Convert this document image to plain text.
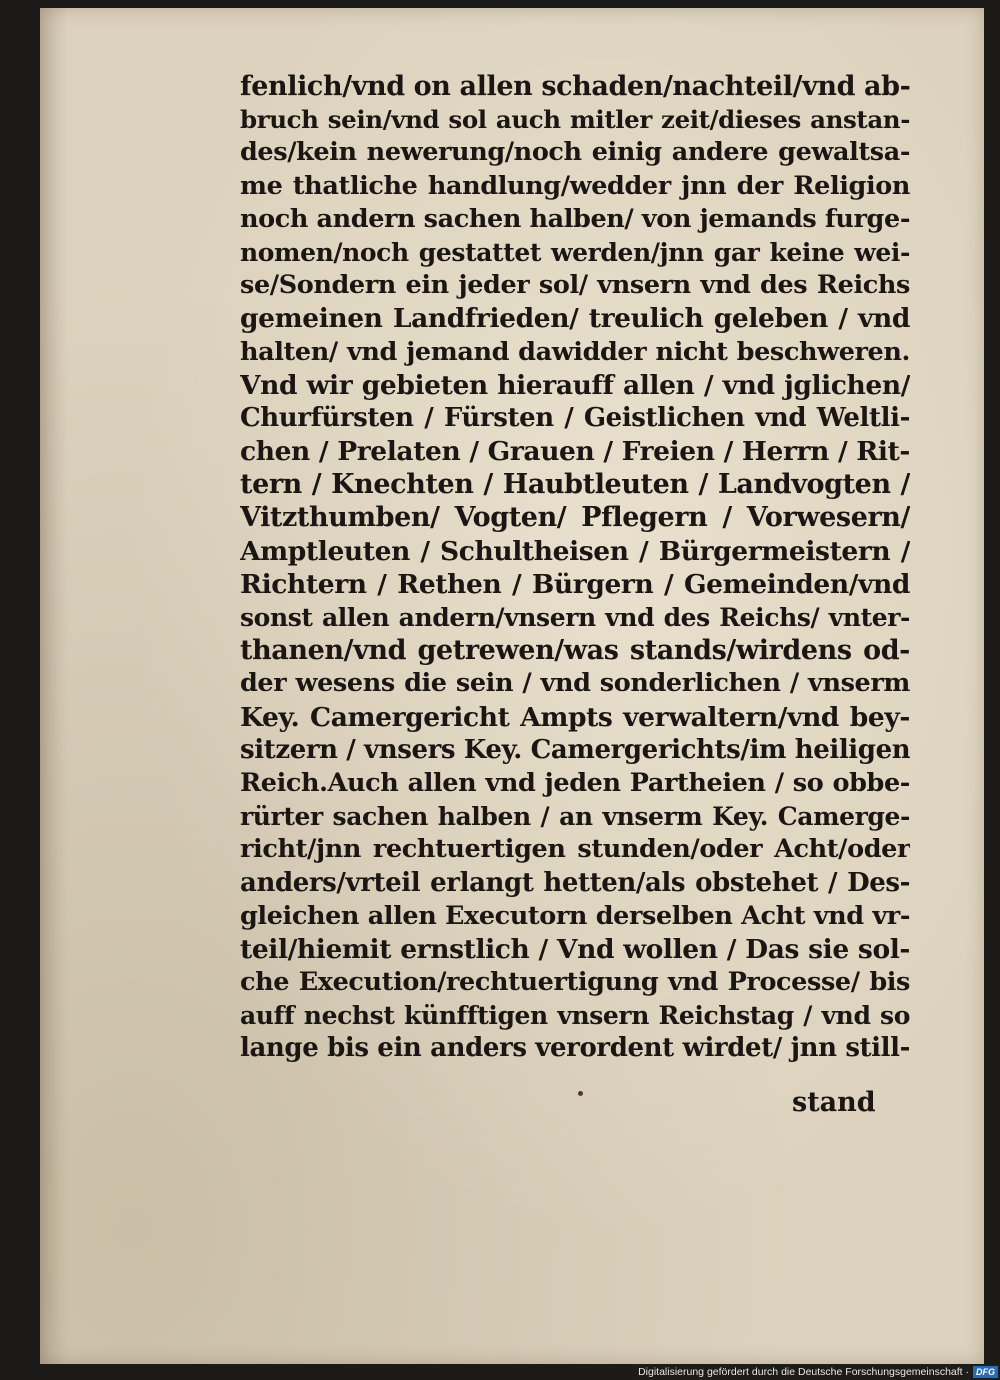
fenlich/vnd on allen schaden/nachteil/vnd ab-
bruch sein/vnd sol auch mitler zeit/dieses anstan-
des/kein newerung/noch einig andere gewaltsa-
me thatliche handlung/wedder jnn der Religion
noch andern sachen halben/ von jemands furge-
nomen/noch gestattet werden/jnn gar keine wei-
se/Sondern ein jeder sol/ vnsern vnd des Reichs
gemeinen Landfrieden/ treulich geleben / vnd
halten/ vnd jemand dawidder nicht beschweren.
Vnd wir gebieten hierauff allen / vnd jglichen/
Churfürsten / Fürsten / Geistlichen vnd Weltli-
chen / Prelaten / Grauen / Freien / Herrn / Rit-
tern / Knechten / Haubtleuten / Landvogten /
Vitzthumben/ Vogten/ Pflegern / Vorwesern/
Amptleuten / Schultheisen / Bürgermeistern /
Richtern / Rethen / Bürgern / Gemeinden/vnd
sonst allen andern/vnsern vnd des Reichs/ vnter-
thanen/vnd getrewen/was stands/wirdens od-
der wesens die sein / vnd sonderlichen / vnserm
Key. Camergericht Ampts verwaltern/vnd bey-
sitzern / vnsers Key. Camergerichts/im heiligen
Reich.Auch allen vnd jeden Partheien / so obbe-
rürter sachen halben / an vnserm Key. Camerge-
richt/jnn rechtuertigen stunden/oder Acht/oder
anders/vrteil erlangt hetten/als obstehet / Des-
gleichen allen Executorn derselben Acht vnd vr-
teil/hiemit ernstlich / Vnd wollen / Das sie sol-
che Execution/rechtuertigung vnd Processe/ bis
auff nechst künfftigen vnsern Reichstag / vnd so
lange bis ein anders verordent wirdet/ jnn still-
stand
Digitalisierung gefördert durch die Deutsche Forschungsgemeinschaft · DFG
